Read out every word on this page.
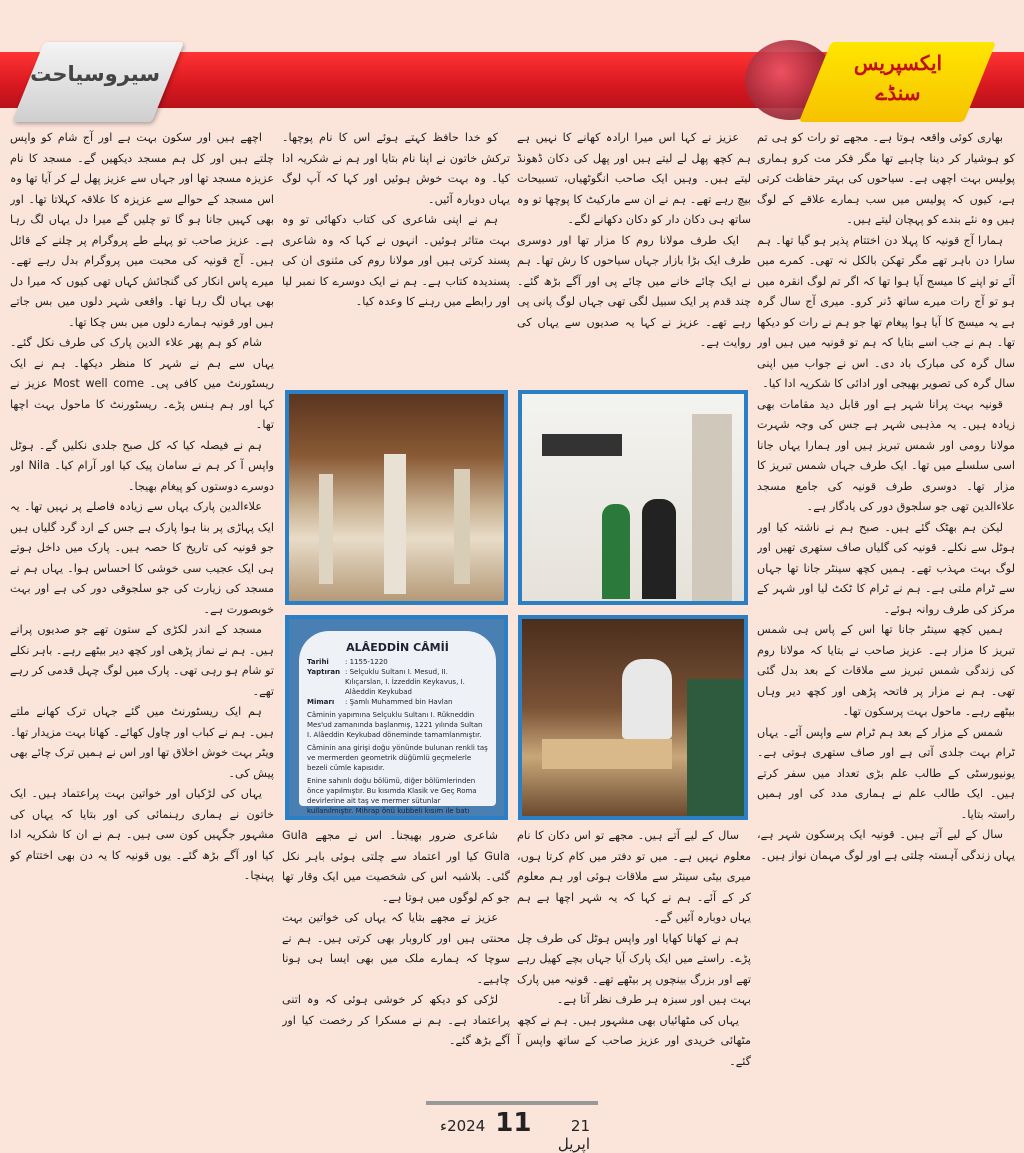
سیروسیاحت	ایکسپریس سنڈے

بھاری کوئی واقعہ ہوتا ہے۔ مجھے تو رات کو ہی تم کو ہوشیار کر دینا چاہیے تھا مگر فکر مت کرو ہماری پولیس بہت اچھی ہے۔ سیاحوں کی بہتر حفاظت کرتی ہے، کیوں کہ پولیس میں سب ہمارے علاقے کے لوگ ہیں وہ نئے بندے کو پہچان لیتے ہیں۔

ہمارا آج قونیہ کا پہلا دن اختتام پذیر ہو گیا تھا۔ ہم سارا دن باہر تھے مگر تھکن بالکل نہ تھی۔ کمرے میں آئے تو اپنے کا میسج آیا ہوا تھا کہ اگر تم لوگ انقرہ میں ہو تو آج رات میرے ساتھ ڈنر کرو۔ میری آج سال گرہ ہے یہ میسج کا آیا ہوا پیغام تھا جو ہم نے رات کو دیکھا تھا۔ ہم نے جب اسے بتایا کہ ہم تو قونیہ میں ہیں اور سال گرہ کی مبارک باد دی۔ اس نے جواب میں اپنی سال گرہ کی تصویر بھیجی اور ادائی کا شکریہ ادا کیا۔

قونیہ بہت پرانا شہر ہے اور قابل دید مقامات بھی زیادہ ہیں۔ یہ مذہبی شہر ہے جس کی وجہ شہرت مولانا رومی اور شمس تبریز ہیں اور ہمارا یہاں جانا اسی سلسلے میں تھا۔ ایک طرف جہاں شمس تبریز کا مزار تھا۔ دوسری طرف قونیہ کی جامع مسجد علاءالدین تھی جو سلجوق دور کی یادگار ہے۔

لیکن ہم بھٹک گئے ہیں۔ صبح ہم نے ناشتہ کیا اور ہوٹل سے نکلے۔ قونیہ کی گلیاں صاف ستھری تھیں اور لوگ بہت مہذب تھے۔ ہمیں کچھ سینٹر جانا تھا جہاں سے ٹرام ملتی ہے۔ ہم نے ٹرام کا ٹکٹ لیا اور شہر کے مرکز کی طرف روانہ ہوئے۔

ہمیں کچھ سینٹر جانا تھا اس کے پاس ہی شمس تبریز کا مزار ہے۔ عزیز صاحب نے بتایا کہ مولانا روم کی زندگی شمس تبریز سے ملاقات کے بعد بدل گئی تھی۔ ہم نے مزار پر فاتحہ پڑھی اور کچھ دیر وہاں بیٹھے رہے۔ ماحول بہت پرسکون تھا۔

شمس کے مزار کے بعد ہم ٹرام سے واپس آئے۔ یہاں ٹرام بہت جلدی آتی ہے اور صاف ستھری ہوتی ہے۔ یونیورسٹی کے طالب علم بڑی تعداد میں سفر کرتے ہیں۔ ایک طالب علم نے ہماری مدد کی اور ہمیں راستہ بتایا۔

سال کے لیے آتے ہیں۔ قونیہ ایک پرسکون شہر ہے، یہاں زندگی آہستہ چلتی ہے اور لوگ مہمان نواز ہیں۔

عزیز نے کہا اس میرا ارادہ کھانے کا نہیں ہے ہم کچھ پھل لے لیتے ہیں اور پھل کی دکان ڈھونڈ لیتے ہیں۔ وہیں ایک صاحب انگوٹھیاں، تسبیحات بیچ رہے تھے۔ ہم نے ان سے مارکیٹ کا پوچھا تو وہ ساتھ ہی دکان دار کو دکان دکھانے لگے۔

ایک طرف مولانا روم کا مزار تھا اور دوسری طرف ایک بڑا بازار جہاں سیاحوں کا رش تھا۔ ہم نے ایک چائے خانے میں چائے پی اور آگے بڑھ گئے۔ چند قدم پر ایک سبیل لگی تھی جہاں لوگ پانی پی رہے تھے۔ عزیز نے کہا یہ صدیوں سے یہاں کی روایت ہے۔

کو خدا حافظ کہتے ہوئے اس کا نام پوچھا۔ ترکش خاتون نے اپنا نام بتایا اور ہم نے شکریہ ادا کیا۔ وہ بہت خوش ہوئیں اور کہا کہ آپ لوگ یہاں دوبارہ آئیں۔

ہم نے اپنی شاعری کی کتاب دکھائی تو وہ بہت متاثر ہوئیں۔ انہوں نے کہا کہ وہ شاعری پسند کرتی ہیں اور مولانا روم کی مثنوی ان کی پسندیدہ کتاب ہے۔ ہم نے ایک دوسرے کا نمبر لیا اور رابطے میں رہنے کا وعدہ کیا۔

سال کے لیے آتے ہیں۔ مجھے تو اس دکان کا نام معلوم نہیں ہے۔ میں تو دفتر میں کام کرتا ہوں، میری بیٹی سینٹر سے ملاقات ہوئی اور ہم معلوم کر کے آئے۔ ہم نے کہا کہ یہ شہر اچھا ہے ہم یہاں دوبارہ آئیں گے۔

ہم نے کھانا کھایا اور واپس ہوٹل کی طرف چل پڑے۔ راستے میں ایک پارک آیا جہاں بچے کھیل رہے تھے اور بزرگ بینچوں پر بیٹھے تھے۔ قونیہ میں پارک بہت ہیں اور سبزہ ہر طرف نظر آتا ہے۔

یہاں کی مٹھائیاں بھی مشہور ہیں۔ ہم نے کچھ مٹھائی خریدی اور عزیز صاحب کے ساتھ واپس آ گئے۔

شاعری ضرور بھیجنا۔ اس نے مجھے Gula Gula کیا اور اعتماد سے چلتی ہوئی باہر نکل گئی۔ بلاشبہ اس کی شخصیت میں ایک وقار تھا جو کم لوگوں میں ہوتا ہے۔

عزیز نے مجھے بتایا کہ یہاں کی خواتین بہت محنتی ہیں اور کاروبار بھی کرتی ہیں۔ ہم نے سوچا کہ ہمارے ملک میں بھی ایسا ہی ہونا چاہیے۔

لڑکی کو دیکھ کر خوشی ہوئی کہ وہ اتنی پراعتماد ہے۔ ہم نے مسکرا کر رخصت کیا اور آگے بڑھ گئے۔

اچھے ہیں اور سکون بہت ہے اور آج شام کو واپس چلتے ہیں اور کل ہم مسجد دیکھیں گے۔ مسجد کا نام عزیزہ مسجد تھا اور جہاں سے عزیز پھل لے کر آیا تھا وہ اس مسجد کے حوالے سے عزیزہ کا علاقہ کہلاتا تھا۔ اور بھی کہیں جانا ہو گا تو چلیں گے میرا دل یہاں لگ رہا ہے۔ عزیز صاحب تو پہلے طے پروگرام پر چلنے کے قائل ہیں۔ آج قونیہ کی محبت میں پروگرام بدل رہے تھے۔ میرے پاس انکار کی گنجائش کہاں تھی کیوں کہ میرا دل بھی یہاں لگ رہا تھا۔ واقعی شہر دلوں میں بس جاتے ہیں اور قونیہ ہمارے دلوں میں بس چکا تھا۔

شام کو ہم پھر علاء الدین پارک کی طرف نکل گئے۔ یہاں سے ہم نے شہر کا منظر دیکھا۔ ہم نے ایک ریسٹورنٹ میں کافی پی۔ Most well come عزیز نے کہا اور ہم ہنس پڑے۔ ریسٹورنٹ کا ماحول بہت اچھا تھا۔

ہم نے فیصلہ کیا کہ کل صبح جلدی نکلیں گے۔ ہوٹل واپس آ کر ہم نے سامان پیک کیا اور آرام کیا۔ Nila اور دوسرے دوستوں کو پیغام بھیجا۔

علاءالدین پارک یہاں سے زیادہ فاصلے پر نہیں تھا۔ یہ ایک پہاڑی پر بنا ہوا پارک ہے جس کے ارد گرد گلیاں ہیں جو قونیہ کی تاریخ کا حصہ ہیں۔ پارک میں داخل ہوتے ہی ایک عجیب سی خوشی کا احساس ہوا۔ یہاں ہم نے مسجد کی زیارت کی جو سلجوقی دور کی ہے اور بہت خوبصورت ہے۔

مسجد کے اندر لکڑی کے ستون تھے جو صدیوں پرانے ہیں۔ ہم نے نماز پڑھی اور کچھ دیر بیٹھے رہے۔ باہر نکلے تو شام ہو رہی تھی۔ پارک میں لوگ چہل قدمی کر رہے تھے۔

ہم ایک ریسٹورنٹ میں گئے جہاں ترک کھانے ملتے ہیں۔ ہم نے کباب اور چاول کھائے۔ کھانا بہت مزیدار تھا۔ ویٹر بہت خوش اخلاق تھا اور اس نے ہمیں ترک چائے بھی پیش کی۔

یہاں کی لڑکیاں اور خواتین بہت پراعتماد ہیں۔ ایک خاتون نے ہماری رہنمائی کی اور بتایا کہ یہاں کی مشہور جگہیں کون سی ہیں۔ ہم نے ان کا شکریہ ادا کیا اور آگے بڑھ گئے۔ یوں قونیہ کا یہ دن بھی اختتام کو پہنچا۔

ALÂEDDİN CÂMİİ
Tarihi	: 1155-1220
Yaptıran : Selçuklu Sultanı I. Mesud, II. Kılıçarslan, I. İzzeddin Keykavus, I. Alâeddin Keykubad
Mimarı	: Şamlı Muhammed bin Havlan

Câminin yapımına Selçuklu Sultanı I. Rükneddin Mes'ud zamanında başlanmış, 1221 yılında Sultan I. Alâeddin Keykubad döneminde tamamlanmıştır.

Câminin ana girişi doğu yönünde bulunan renkli taş ve mermerden geometrik düğümlü geçmelerle bezeli cümle kapısıdır.

Enine sahınlı doğu bölümü, diğer bölümlerinden önce yapılmıştır. Bu kısımda Klasik ve Geç Roma devirlerine ait taş ve mermer sütunlar kullanılmıştır. Mihrap önü kubbeli kısım ile batı

21 اپریل
11
2024ء
